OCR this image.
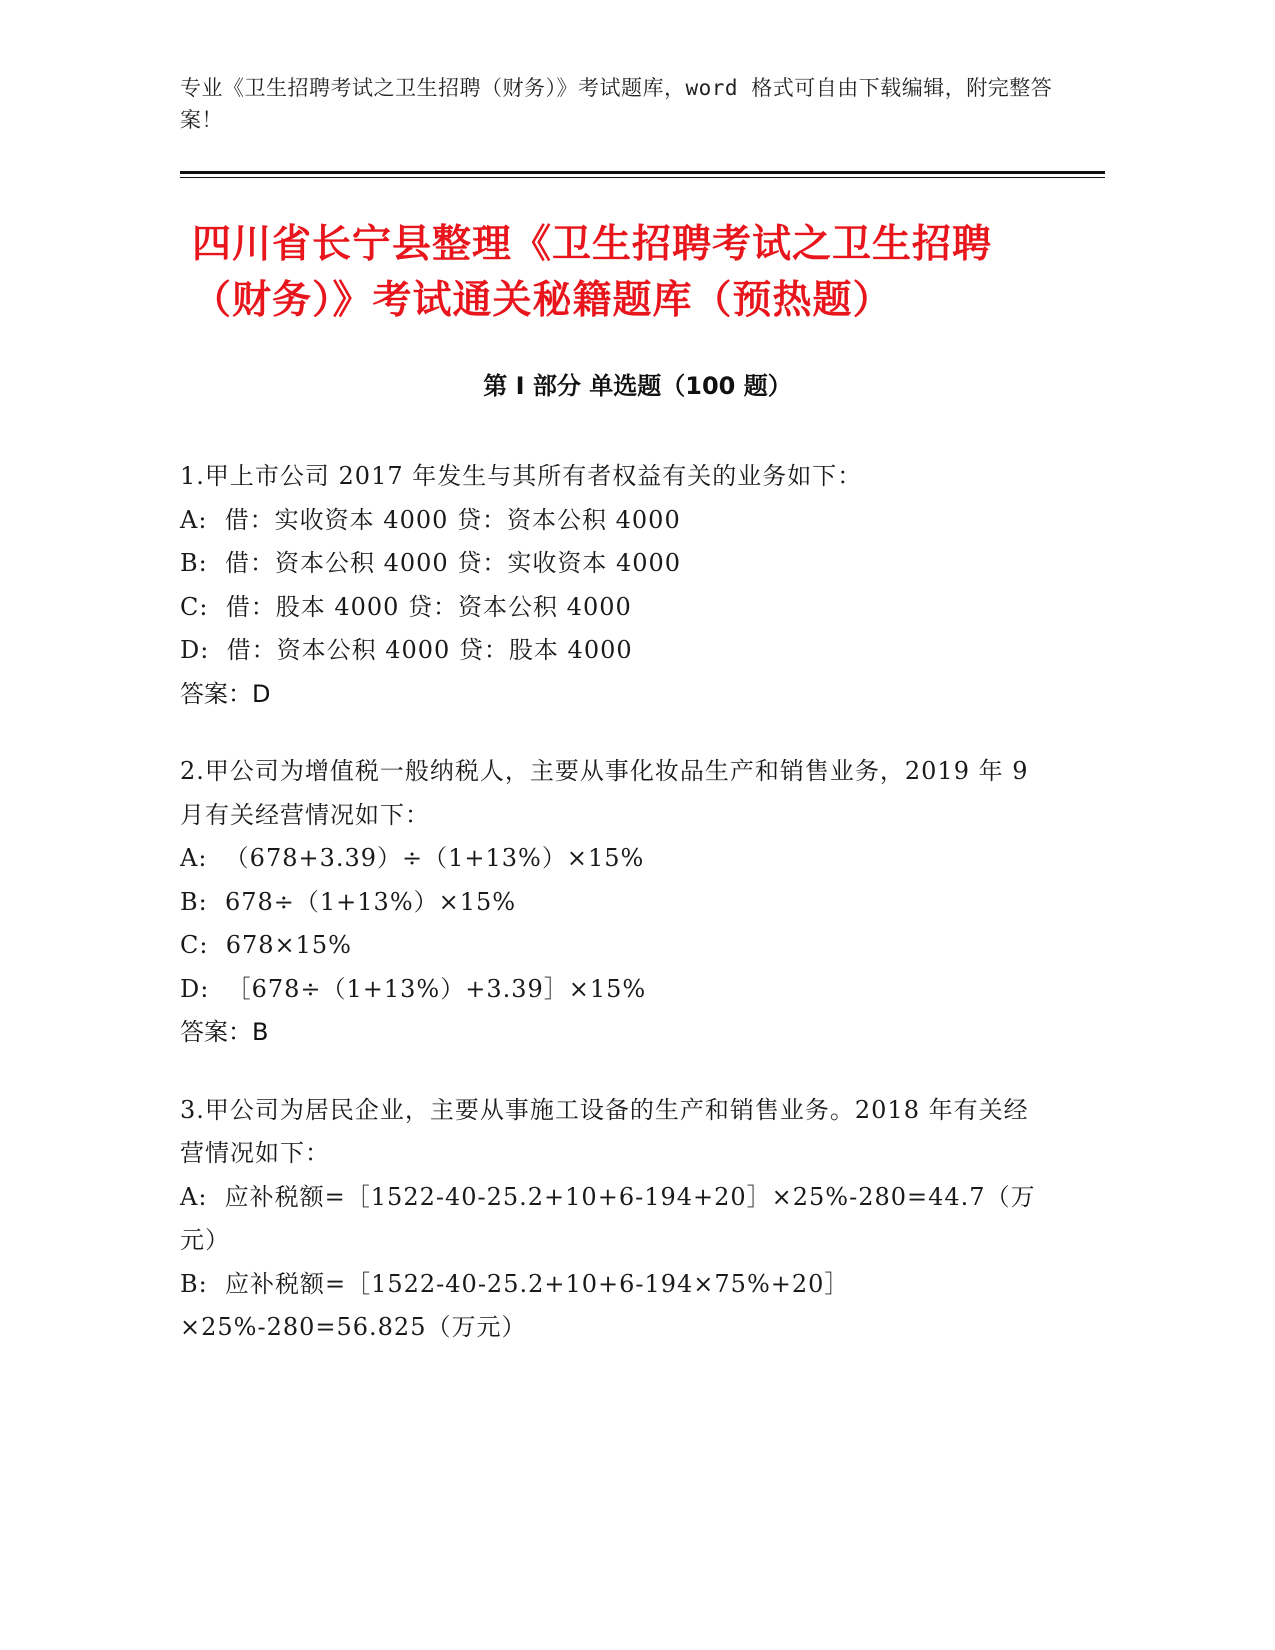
专业《卫生招聘考试之卫生招聘（财务）》考试题库，word 格式可自由下载编辑，附完整答案！
四川省长宁县整理《卫生招聘考试之卫生招聘（财务）》考试通关秘籍题库（预热题）
第 I 部分 单选题（100 题）
1.甲上市公司 2017 年发生与其所有者权益有关的业务如下：
A:  借：实收资本 4000 贷：资本公积 4000
B:  借：资本公积 4000 贷：实收资本 4000
C:  借：股本 4000 贷：资本公积 4000
D:  借：资本公积 4000 贷：股本 4000
答案：D
2.甲公司为增值税一般纳税人，主要从事化妆品生产和销售业务，2019 年 9 月有关经营情况如下：
A:  （678+3.39）÷（1+13%）×15%
B:  678÷（1+13%）×15%
C:  678×15%
D:  ［678÷（1+13%）+3.39］×15%
答案：B
3.甲公司为居民企业，主要从事施工设备的生产和销售业务。2018 年有关经营情况如下：
A:  应补税额=［1522-40-25.2+10+6-194+20］×25%-280=44.7（万元）
B:  应补税额=［1522-40-25.2+10+6-194×75%+20］×25%-280=56.825（万元）
